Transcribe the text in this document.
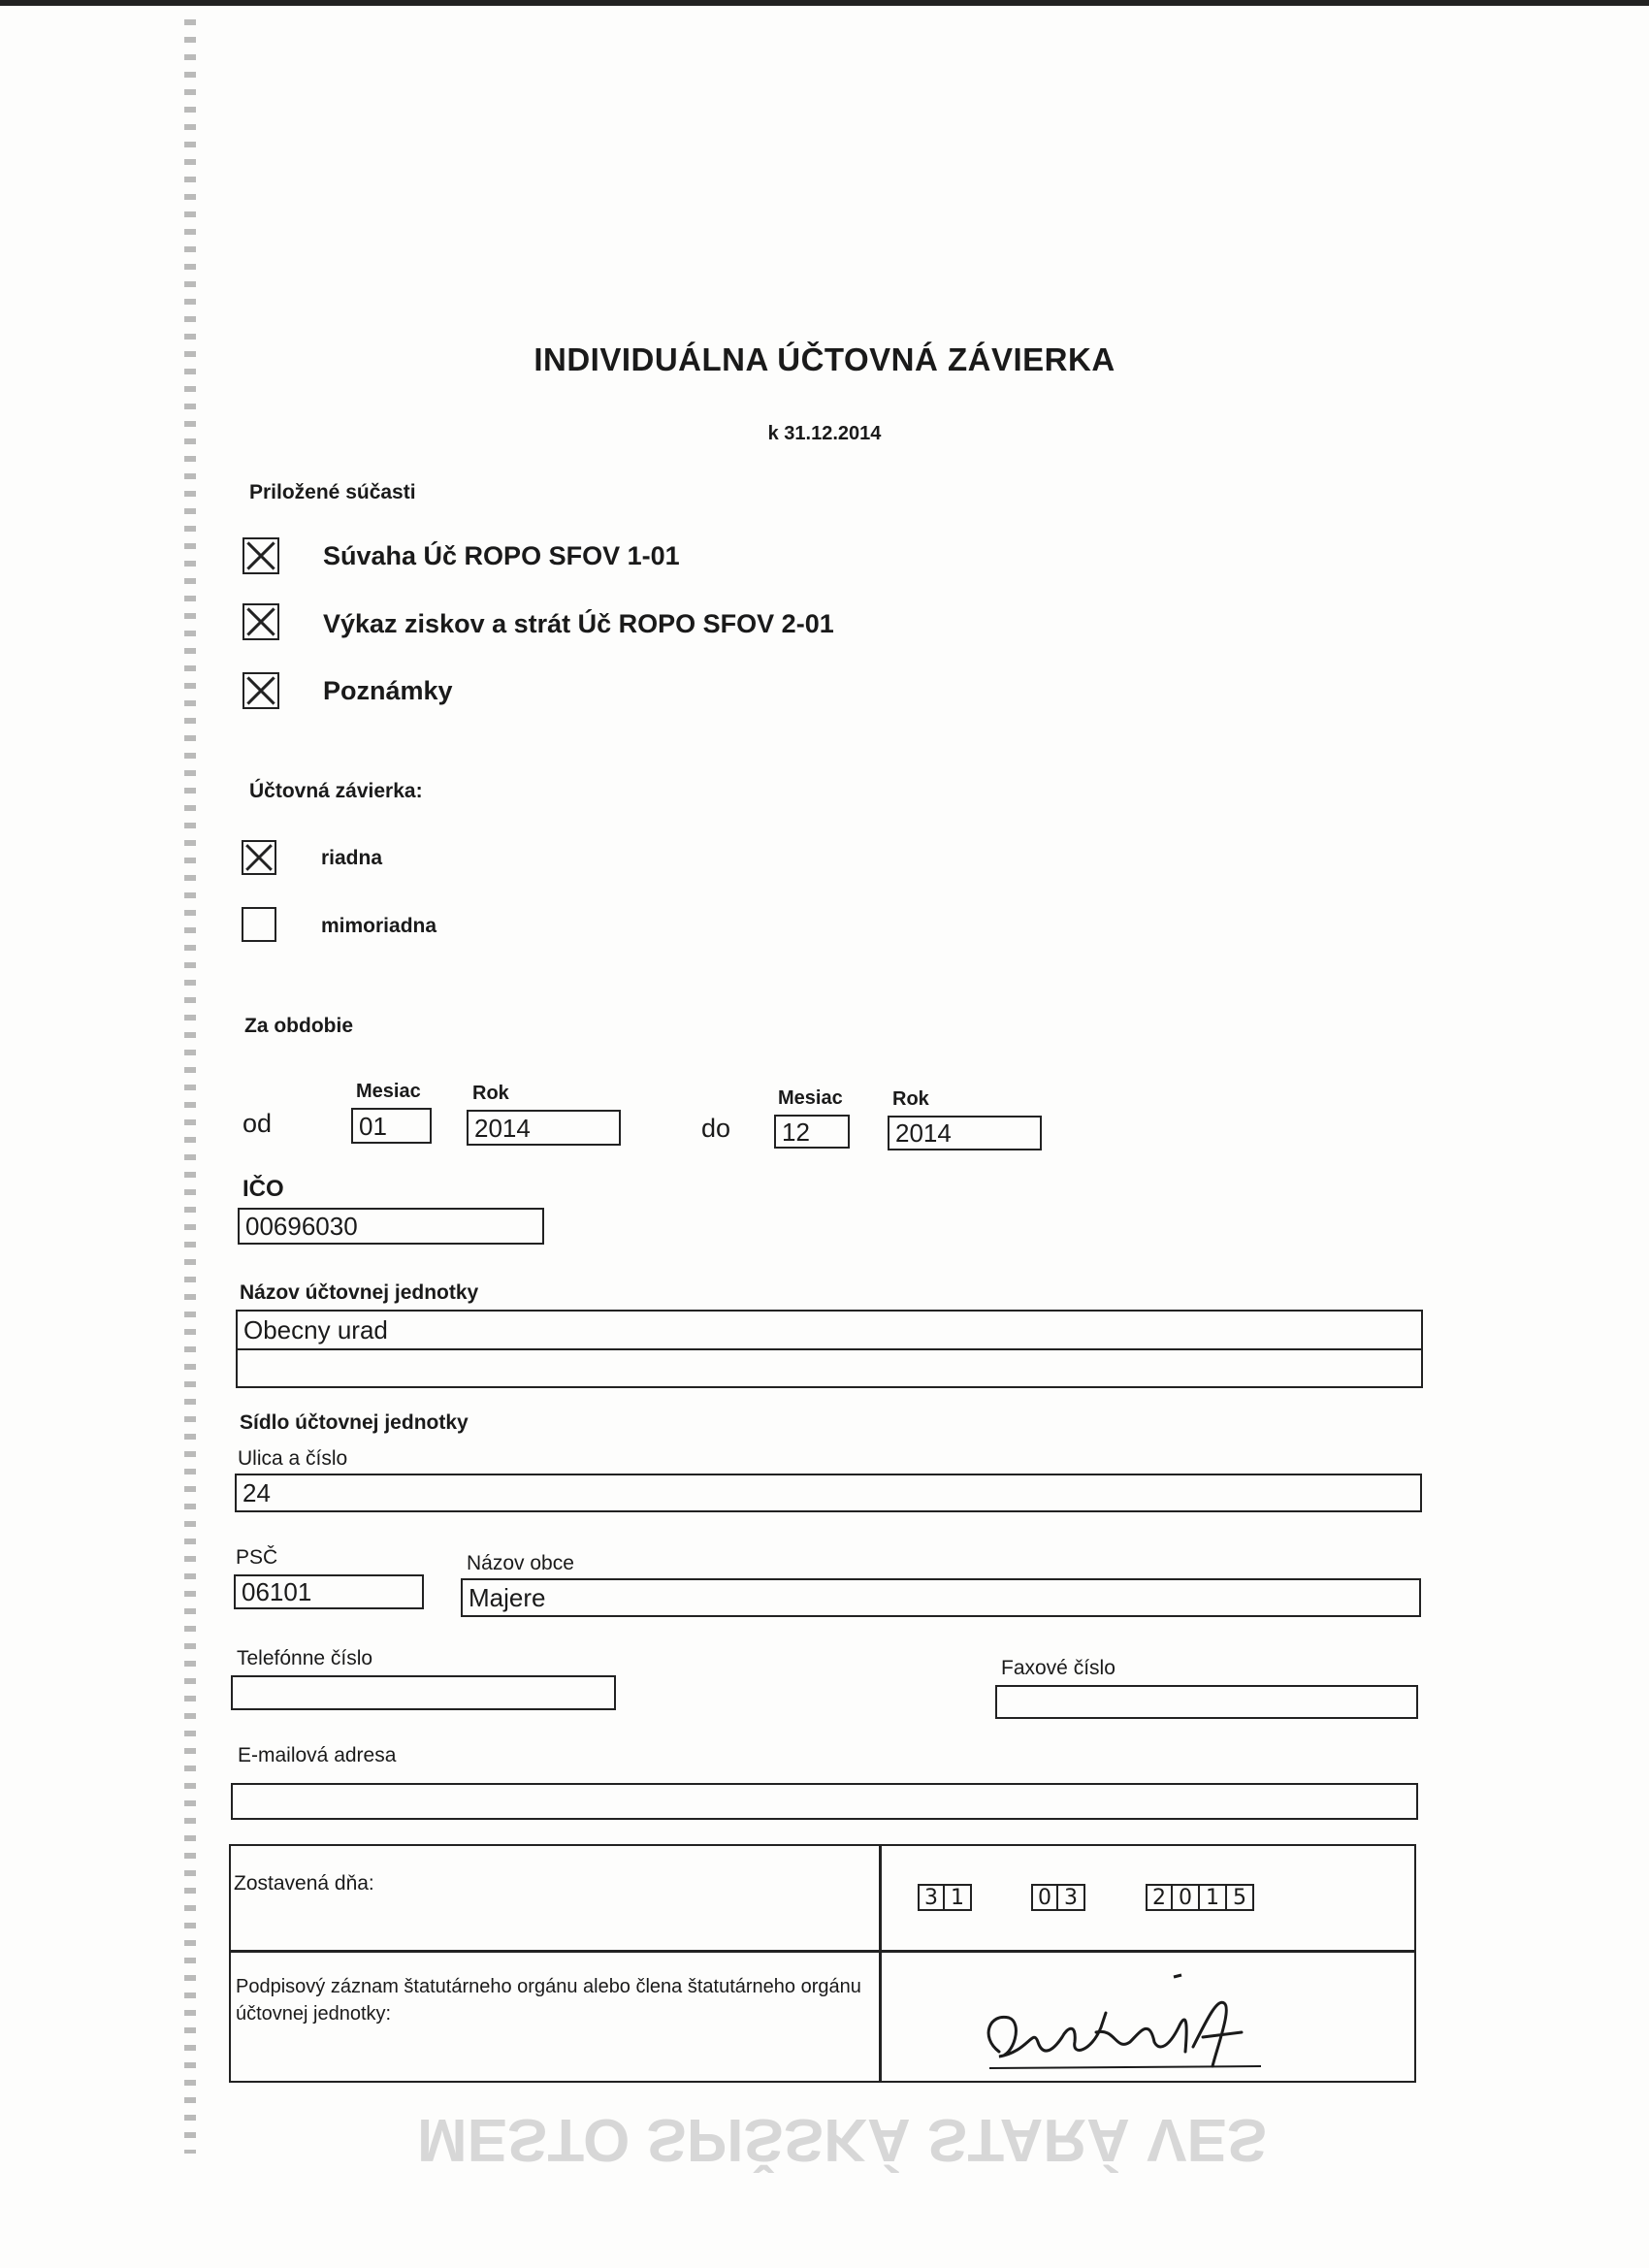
INDIVIDUÁLNA ÚČTOVNÁ ZÁVIERKA
k 31.12.2014
Priložené súčasti
Súvaha Úč ROPO SFOV 1-01
Výkaz ziskov a strát Úč ROPO SFOV 2-01
Poznámky
Účtovná závierka:
riadna
mimoriadna
Za obdobie
Mesiac	Rok	Mesiac	Rok
od	01	2014	do	12	2014
IČO
00696030
Názov účtovnej jednotky
Obecny urad
Sídlo účtovnej jednotky
Ulica a číslo
24
PSČ	Názov obce
06101	Majere
Telefónne číslo	Faxové číslo
E-mailová adresa
Zostavená dňa:
3 1	0 3	2 0 1 5
Podpisový záznam štatutárneho orgánu alebo člena štatutárneho orgánu účtovnej jednotky:
MESTO SPIŠSKÁ STARÁ VES
